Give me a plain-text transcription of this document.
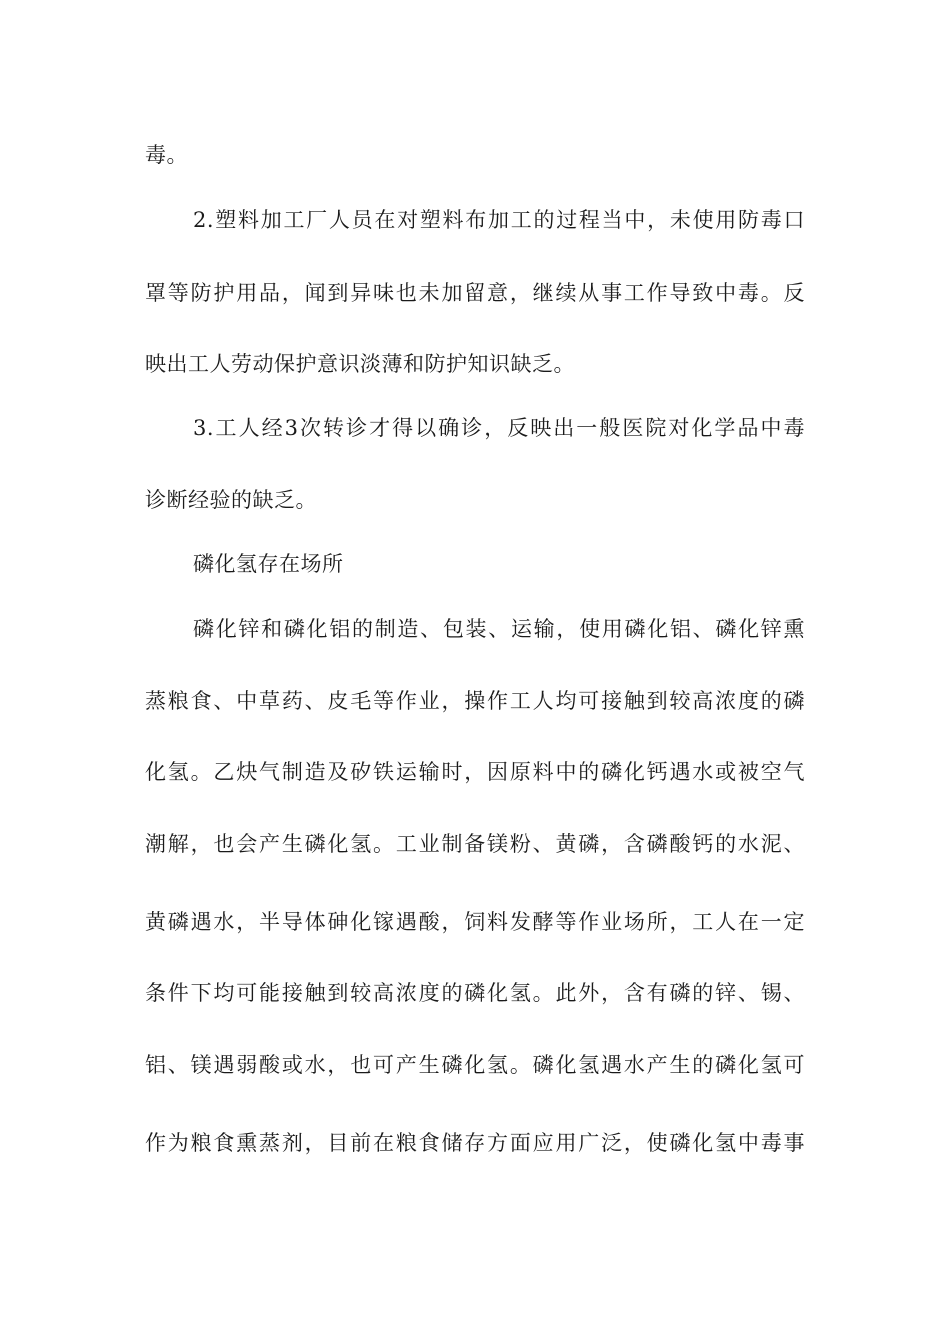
毒。
2.塑料加工厂人员在对塑料布加工的过程当中，未使用防毒口
罩等防护用品，闻到异味也未加留意，继续从事工作导致中毒。反
映出工人劳动保护意识淡薄和防护知识缺乏。
3.工人经3次转诊才得以确诊，反映出一般医院对化学品中毒
诊断经验的缺乏。
磷化氢存在场所
磷化锌和磷化铝的制造、包装、运输，使用磷化铝、磷化锌熏
蒸粮食、中草药、皮毛等作业，操作工人均可接触到较高浓度的磷
化氢。乙炔气制造及矽铁运输时，因原料中的磷化钙遇水或被空气
潮解，也会产生磷化氢。工业制备镁粉、黄磷，含磷酸钙的水泥、
黄磷遇水，半导体砷化镓遇酸，饲料发酵等作业场所，工人在一定
条件下均可能接触到较高浓度的磷化氢。此外，含有磷的锌、锡、
铝、镁遇弱酸或水，也可产生磷化氢。磷化氢遇水产生的磷化氢可
作为粮食熏蒸剂，目前在粮食储存方面应用广泛，使磷化氢中毒事
